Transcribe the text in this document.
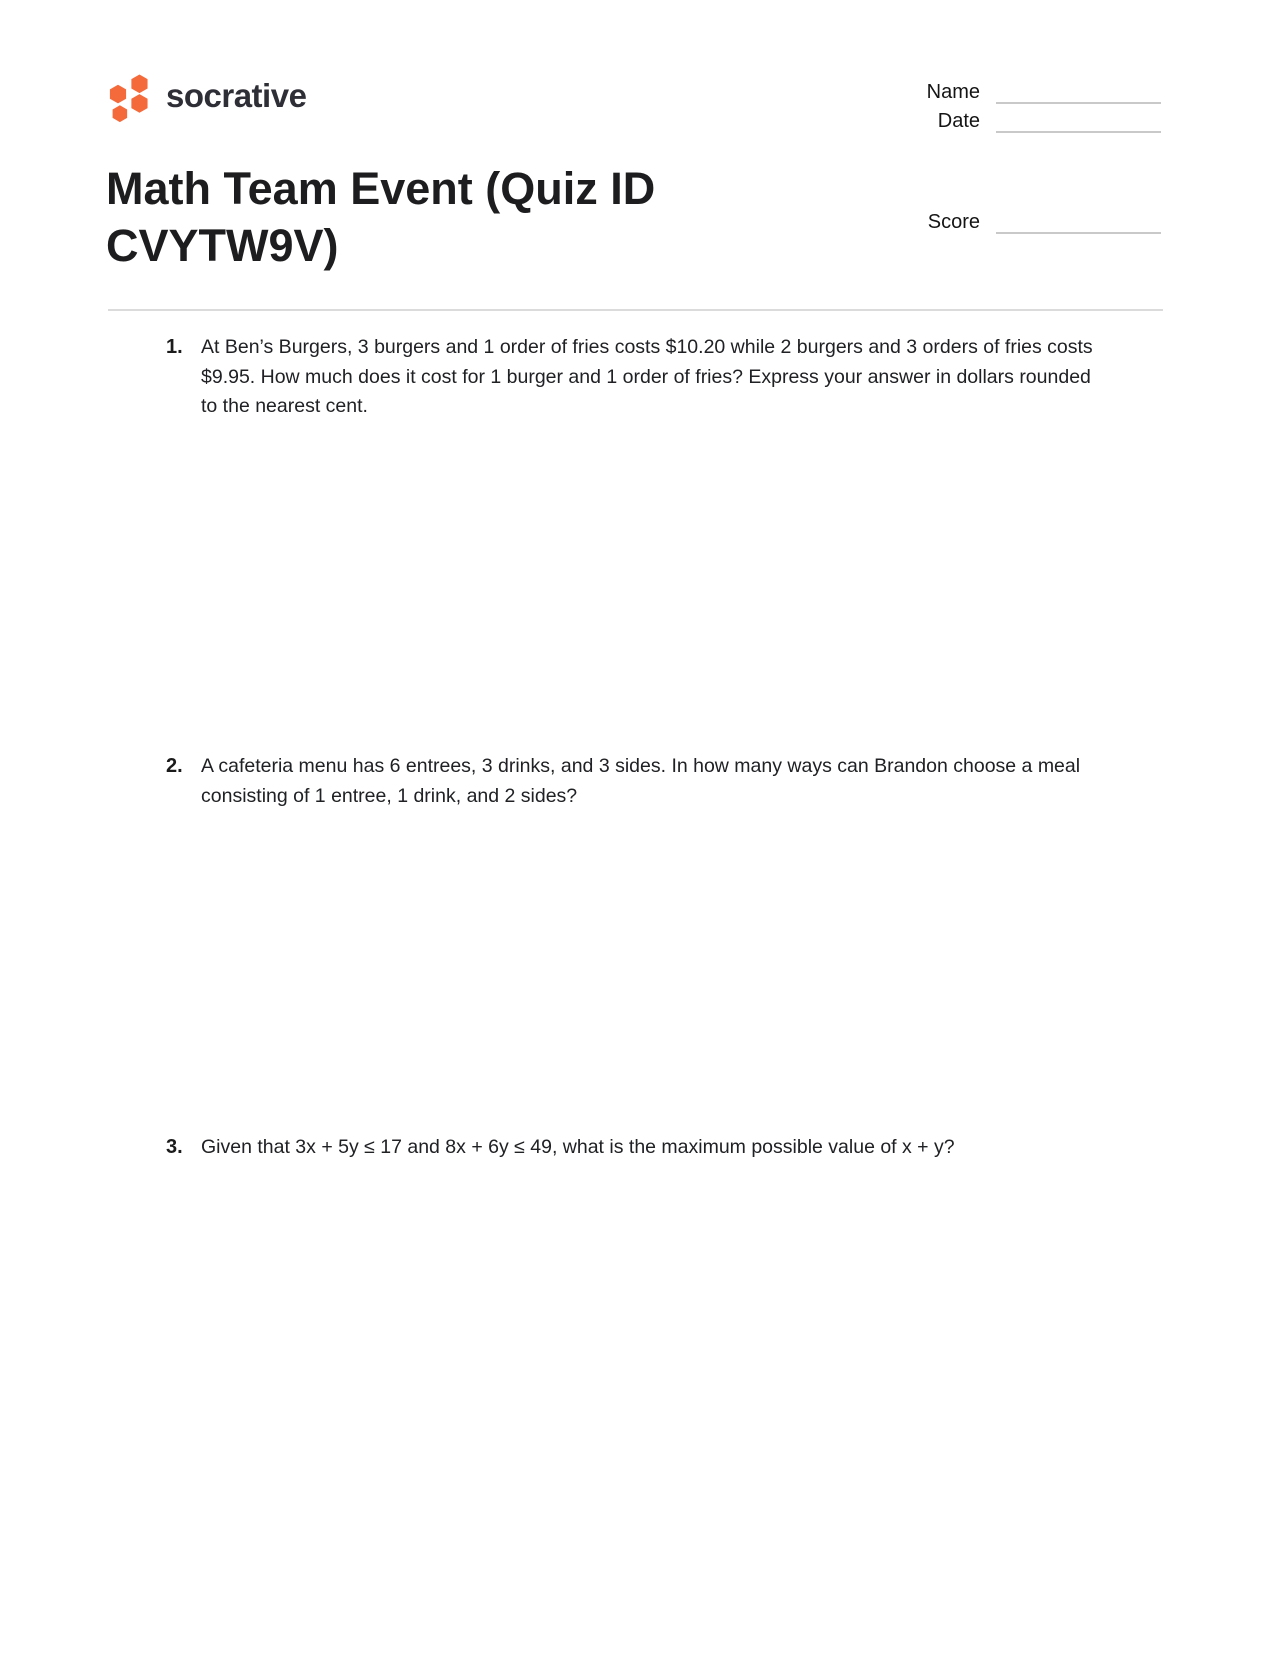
socrative	Name
Date
Score
Math Team Event (Quiz ID
CVYTW9V)
1. At Ben’s Burgers, 3 burgers and 1 order of fries costs $10.20 while 2 burgers and 3 orders of fries costs $9.95. How much does it cost for 1 burger and 1 order of fries? Express your answer in dollars rounded to the nearest cent.
2. A cafeteria menu has 6 entrees, 3 drinks, and 3 sides. In how many ways can Brandon choose a meal consisting of 1 entree, 1 drink, and 2 sides?
3. Given that 3x + 5y ≤ 17 and 8x + 6y ≤ 49, what is the maximum possible value of x + y?
